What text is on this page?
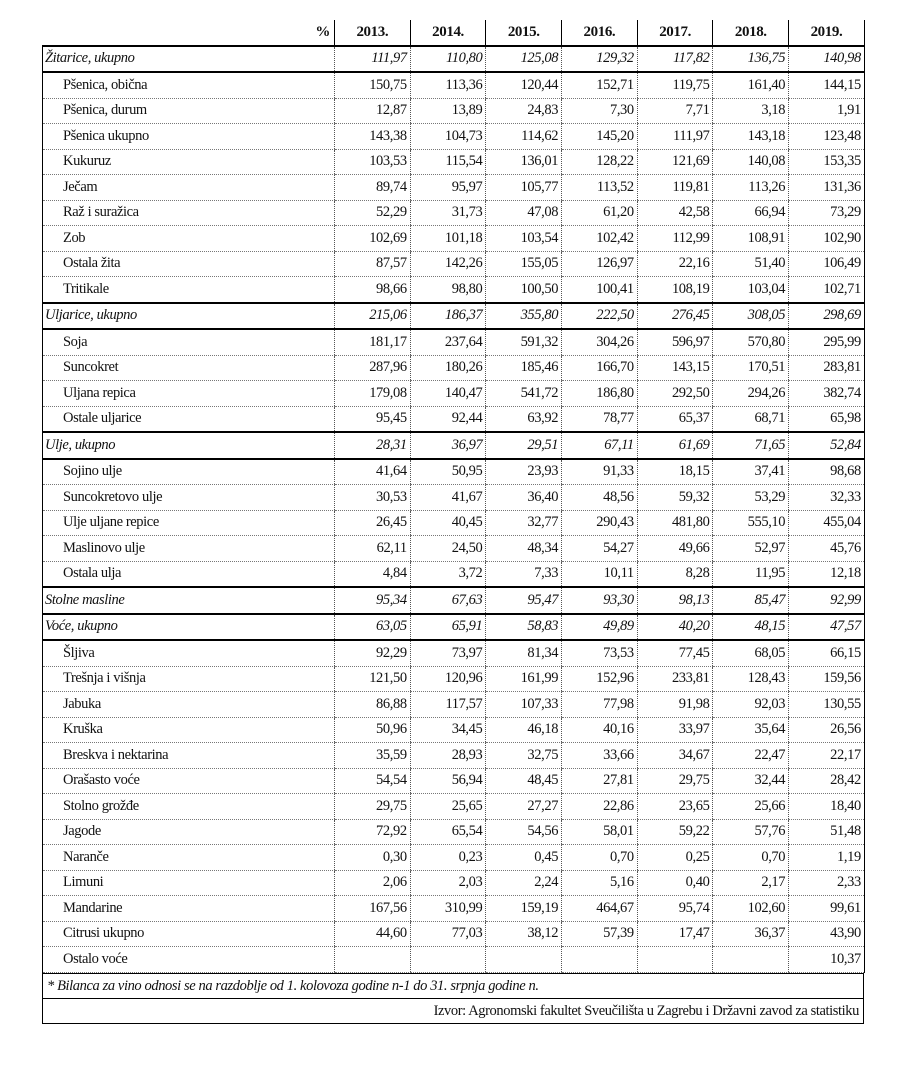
%	2013.	2014.	2015.	2016.	2017.	2018.	2019.
Žitarice, ukupno	111,97	110,80	125,08	129,32	117,82	136,75	140,98
Pšenica, obična	150,75	113,36	120,44	152,71	119,75	161,40	144,15
Pšenica, durum	12,87	13,89	24,83	7,30	7,71	3,18	1,91
Pšenica ukupno	143,38	104,73	114,62	145,20	111,97	143,18	123,48
Kukuruz	103,53	115,54	136,01	128,22	121,69	140,08	153,35
Ječam	89,74	95,97	105,77	113,52	119,81	113,26	131,36
Raž i suražica	52,29	31,73	47,08	61,20	42,58	66,94	73,29
Zob	102,69	101,18	103,54	102,42	112,99	108,91	102,90
Ostala žita	87,57	142,26	155,05	126,97	22,16	51,40	106,49
Tritikale	98,66	98,80	100,50	100,41	108,19	103,04	102,71
Uljarice, ukupno	215,06	186,37	355,80	222,50	276,45	308,05	298,69
Soja	181,17	237,64	591,32	304,26	596,97	570,80	295,99
Suncokret	287,96	180,26	185,46	166,70	143,15	170,51	283,81
Uljana repica	179,08	140,47	541,72	186,80	292,50	294,26	382,74
Ostale uljarice	95,45	92,44	63,92	78,77	65,37	68,71	65,98
Ulje, ukupno	28,31	36,97	29,51	67,11	61,69	71,65	52,84
Sojino ulje	41,64	50,95	23,93	91,33	18,15	37,41	98,68
Suncokretovo ulje	30,53	41,67	36,40	48,56	59,32	53,29	32,33
Ulje uljane repice	26,45	40,45	32,77	290,43	481,80	555,10	455,04
Maslinovo ulje	62,11	24,50	48,34	54,27	49,66	52,97	45,76
Ostala ulja	4,84	3,72	7,33	10,11	8,28	11,95	12,18
Stolne masline	95,34	67,63	95,47	93,30	98,13	85,47	92,99
Voće, ukupno	63,05	65,91	58,83	49,89	40,20	48,15	47,57
Šljiva	92,29	73,97	81,34	73,53	77,45	68,05	66,15
Trešnja i višnja	121,50	120,96	161,99	152,96	233,81	128,43	159,56
Jabuka	86,88	117,57	107,33	77,98	91,98	92,03	130,55
Kruška	50,96	34,45	46,18	40,16	33,97	35,64	26,56
Breskva i nektarina	35,59	28,93	32,75	33,66	34,67	22,47	22,17
Orašasto voće	54,54	56,94	48,45	27,81	29,75	32,44	28,42
Stolno grožđe	29,75	25,65	27,27	22,86	23,65	25,66	18,40
Jagode	72,92	65,54	54,56	58,01	59,22	57,76	51,48
Naranče	0,30	0,23	0,45	0,70	0,25	0,70	1,19
Limuni	2,06	2,03	2,24	5,16	0,40	2,17	2,33
Mandarine	167,56	310,99	159,19	464,67	95,74	102,60	99,61
Citrusi ukupno	44,60	77,03	38,12	57,39	17,47	36,37	43,90
Ostalo voće							10,37
* Bilanca za vino odnosi se na razdoblje od 1. kolovoza godine n-1 do 31. srpnja godine n.
Izvor: Agronomski fakultet Sveučilišta u Zagrebu i Državni zavod za statistiku
